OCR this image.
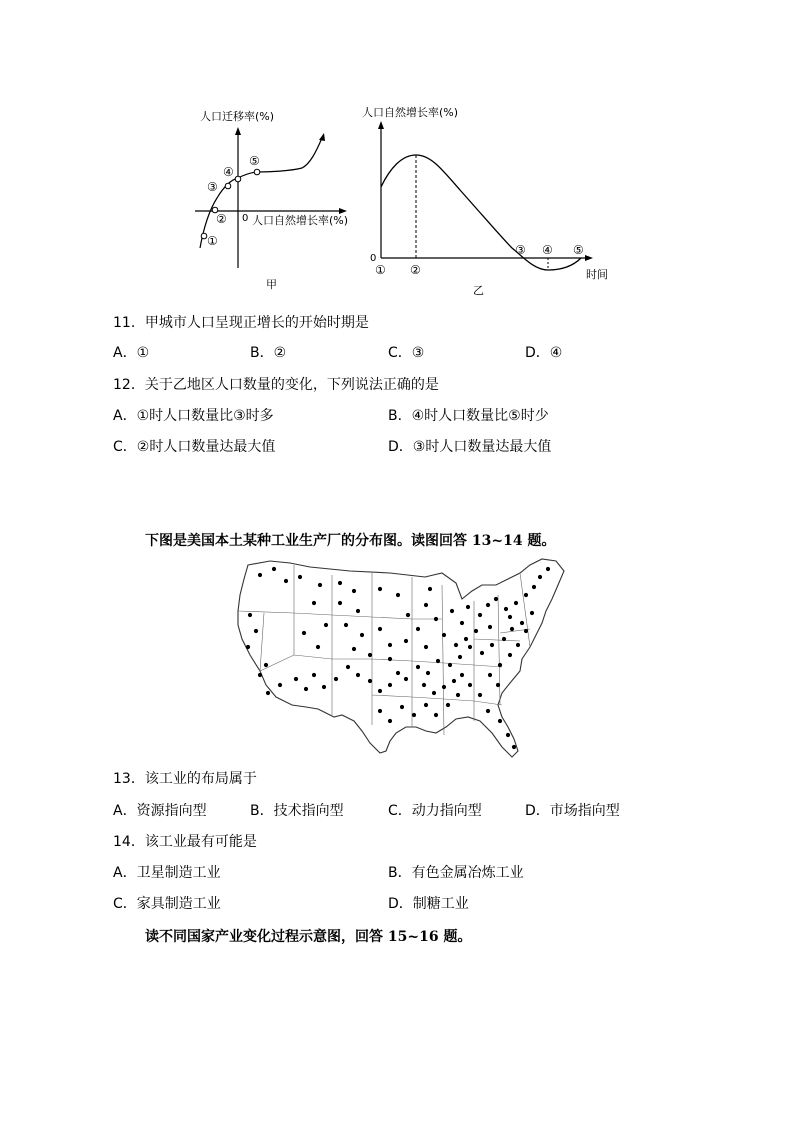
人口迁移率(%)
0 人口自然增长率(%)
①
②
③
④
⑤
甲
人口自然增长率(%)
0
① ②
③ ④ ⑤
时间
乙
11．甲城市人口呈现正增长的开始时期是
A．①	B．②	C．③	D．④
12．关于乙地区人口数量的变化，下列说法正确的是
A．①时人口数量比③时多	B．④时人口数量比⑤时少
C．②时人口数量达最大值	D．③时人口数量达最大值
下图是美国本土某种工业生产厂的分布图。读图回答 13~14 题。
13．该工业的布局属于
A．资源指向型	B．技术指向型	C．动力指向型	D．市场指向型
14．该工业最有可能是
A．卫星制造工业	B．有色金属冶炼工业
C．家具制造工业	D．制糖工业
读不同国家产业变化过程示意图，回答 15~16 题。
